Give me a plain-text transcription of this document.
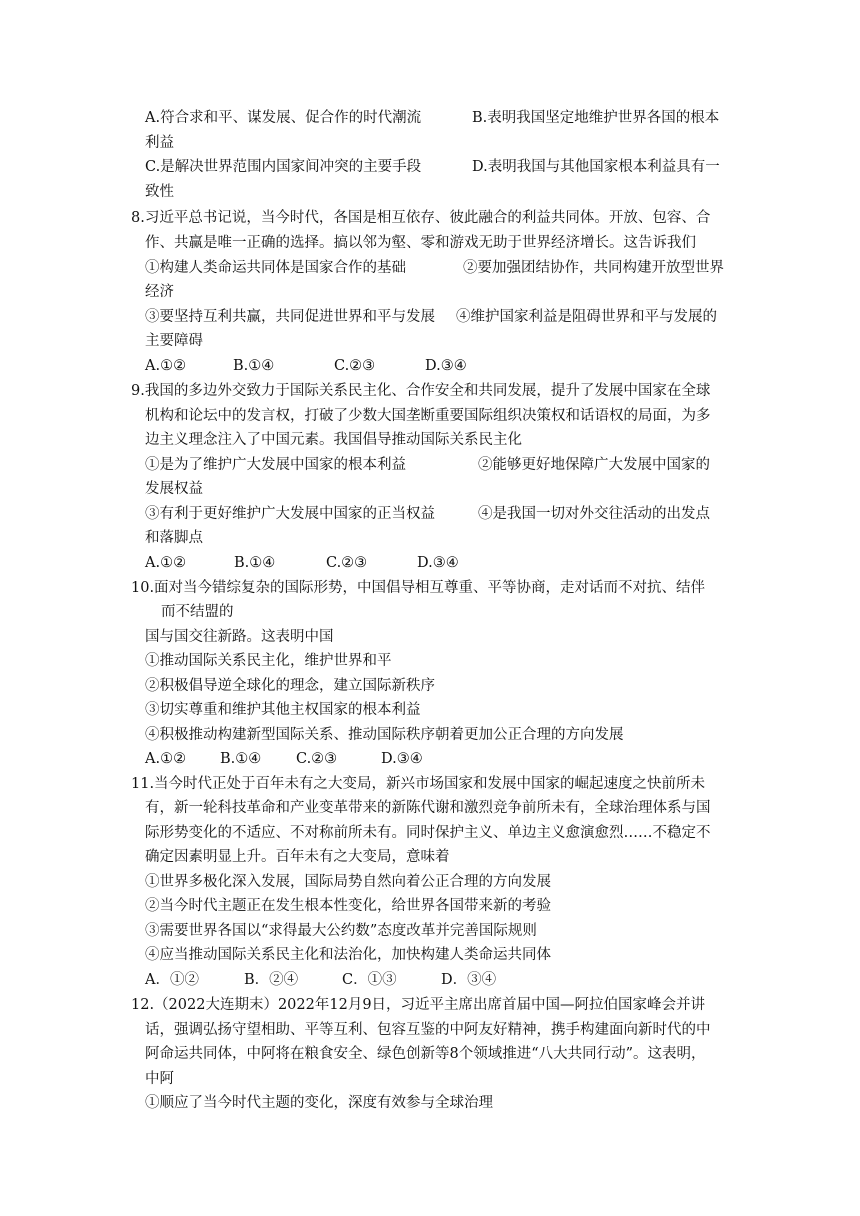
A.符合求和平、谋发展、促合作的时代潮流	B.表明我国坚定地维护世界各国的根本
利益
C.是解决世界范围内国家间冲突的主要手段	D.表明我国与其他国家根本利益具有一
致性
8.习近平总书记说，当今时代，各国是相互依存、彼此融合的利益共同体。开放、包容、合
作、共赢是唯一正确的选择。搞以邻为壑、零和游戏无助于世界经济增长。这告诉我们
①构建人类命运共同体是国家合作的基础	②要加强团结协作，共同构建开放型世界
经济
③要坚持互利共赢，共同促进世界和平与发展 ④维护国家利益是阻碍世界和平与发展的
主要障碍
A.①②	B.①④	C.②③	D.③④
9.我国的多边外交致力于国际关系民主化、合作安全和共同发展，提升了发展中国家在全球
机构和论坛中的发言权，打破了少数大国垄断重要国际组织决策权和话语权的局面，为多
边主义理念注入了中国元素。我国倡导推动国际关系民主化
①是为了维护广大发展中国家的根本利益	②能够更好地保障广大发展中国家的
发展权益
③有利于更好维护广大发展中国家的正当权益	④是我国一切对外交往活动的出发点
和落脚点
A.①②	B.①④	C.②③	D.③④
10.面对当今错综复杂的国际形势，中国倡导相互尊重、平等协商，走对话而不对抗、结伴
而不结盟的
国与国交往新路。这表明中国
①推动国际关系民主化，维护世界和平
②积极倡导逆全球化的理念，建立国际新秩序
③切实尊重和维护其他主权国家的根本利益
④积极推动构建新型国际关系、推动国际秩序朝着更加公正合理的方向发展
A.①② B.①④ C.②③	D.③④
11.当今时代正处于百年未有之大变局，新兴市场国家和发展中国家的崛起速度之快前所未
有，新一轮科技革命和产业变革带来的新陈代谢和激烈竞争前所未有，全球治理体系与国
际形势变化的不适应、不对称前所未有。同时保护主义、单边主义愈演愈烈……不稳定不
确定因素明显上升。百年未有之大变局，意味着
①世界多极化深入发展，国际局势自然向着公正合理的方向发展
②当今时代主题正在发生根本性变化，给世界各国带来新的考验
③需要世界各国以“求得最大公约数”态度改革并完善国际规则
④应当推动国际关系民主化和法治化，加快构建人类命运共同体
A．①②	B．②④	C．①③	D．③④
12.（2022大连期末）2022年12月9日，习近平主席出席首届中国—阿拉伯国家峰会并讲
话，强调弘扬守望相助、平等互利、包容互鉴的中阿友好精神，携手构建面向新时代的中
阿命运共同体，中阿将在粮食安全、绿色创新等8个领域推进“八大共同行动”。这表明，
中阿
①顺应了当今时代主题的变化，深度有效参与全球治理
